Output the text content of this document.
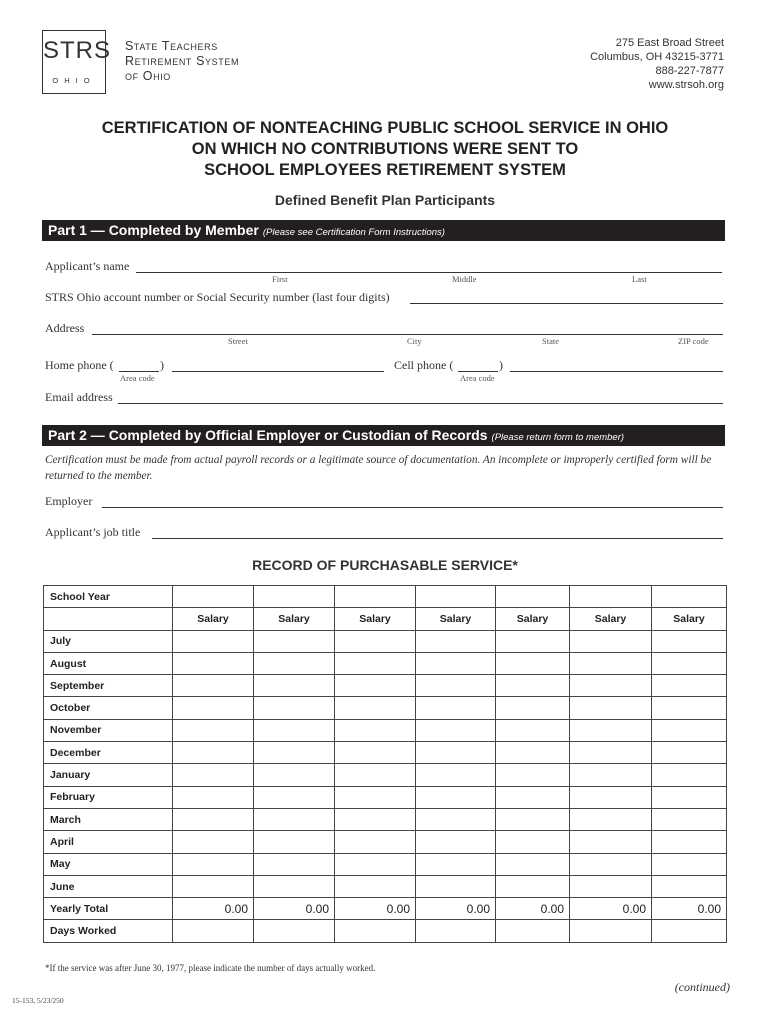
STRS
OHIO
State Teachers
Retirement System
of Ohio
275 East Broad Street
Columbus, OH 43215-3771
888-227-7877
www.strsoh.org
CERTIFICATION OF NONTEACHING PUBLIC SCHOOL SERVICE IN OHIO
ON WHICH NO CONTRIBUTIONS WERE SENT TO
SCHOOL EMPLOYEES RETIREMENT SYSTEM
Defined Benefit Plan Participants
Part 1 — Completed by Member (Please see Certification Form Instructions)
Applicant’s name
First	Middle	Last
STRS Ohio account number or Social Security number (last four digits)
Address
Street	City	State	ZIP code
Home phone (	)
Area code
Cell phone (	)
Area code
Email address
Part 2 — Completed by Official Employer or Custodian of Records (Please return form to member)
Certification must be made from actual payroll records or a legitimate source of documentation. An incomplete or improperly certified form will be returned to the member.
Employer
Applicant’s job title
RECORD OF PURCHASABLE SERVICE*
School Year							
	Salary	Salary	Salary	Salary	Salary	Salary	Salary
July							
August							
September							
October							
November							
December							
January							
February							
March							
April							
May							
June							
Yearly Total	0.00	0.00	0.00	0.00	0.00	0.00	0.00
Days Worked							
*If the service was after June 30, 1977, please indicate the number of days actually worked.
(continued)
15-153, 5/23/250
